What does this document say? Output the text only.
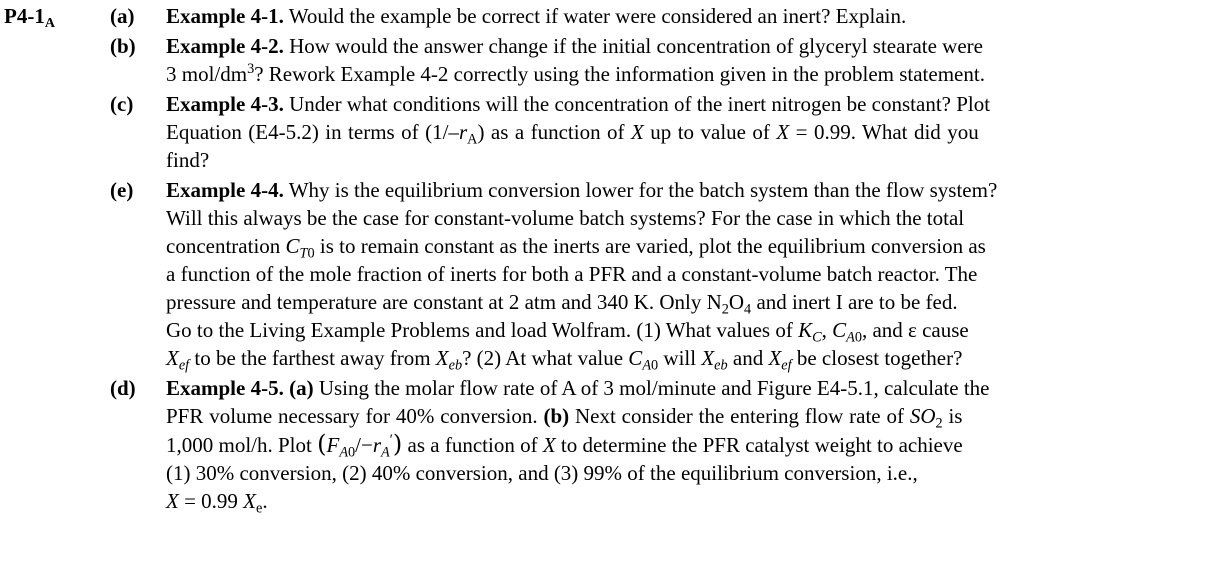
$P4-1_A$	(a) Example 4-1. Would the example be correct if water were considered an inert? Explain.
(b) Example 4-2. How would the answer change if the initial concentration of glyceryl stearate were
3 mol/$dm^3$? Rework Example 4-2 correctly using the information given in the problem statement.
(c) Example 4-3. Under what conditions will the concentration of the inert nitrogen be constant? Plot
Equation (E4-5.2) in terms of $(1/-r_A)$ as a function of X up to value of X = 0.99. What did you
find?
(e) Example 4-4. Why is the equilibrium conversion lower for the batch system than the flow system?
Will this always be the case for constant-volume batch systems? For the case in which the total
concentration $C_{T0}$ is to remain constant as the inerts are varied, plot the equilibrium conversion as
a function of the mole fraction of inerts for both a PFR and a constant-volume batch reactor. The
pressure and temperature are constant at 2 atm and 340 K. Only $N_2O_4$ and inert I are to be fed.
Go to the Living Example Problems and load Wolfram. (1) What values of $K_C$, $C_{A0}$, and ε cause
$X_{ef}$ to be the farthest away from $X_{eb}$? (2) At what value $C_{A0}$ will $X_{eb}$ and $X_{ef}$ be closest together?
(d) Example 4-5. (a) Using the molar flow rate of A of 3 mol/minute and Figure E4-5.1, calculate the
PFR volume necessary for 40% conversion. (b) Next consider the entering flow rate of $SO_2$ is
1,000 mol/h. Plot $(F_{A0}/-r_A')$ as a function of X to determine the PFR catalyst weight to achieve
(1) 30% conversion, (2) 40% conversion, and (3) 99% of the equilibrium conversion, i.e.,
X = 0.99 $X_e$.
